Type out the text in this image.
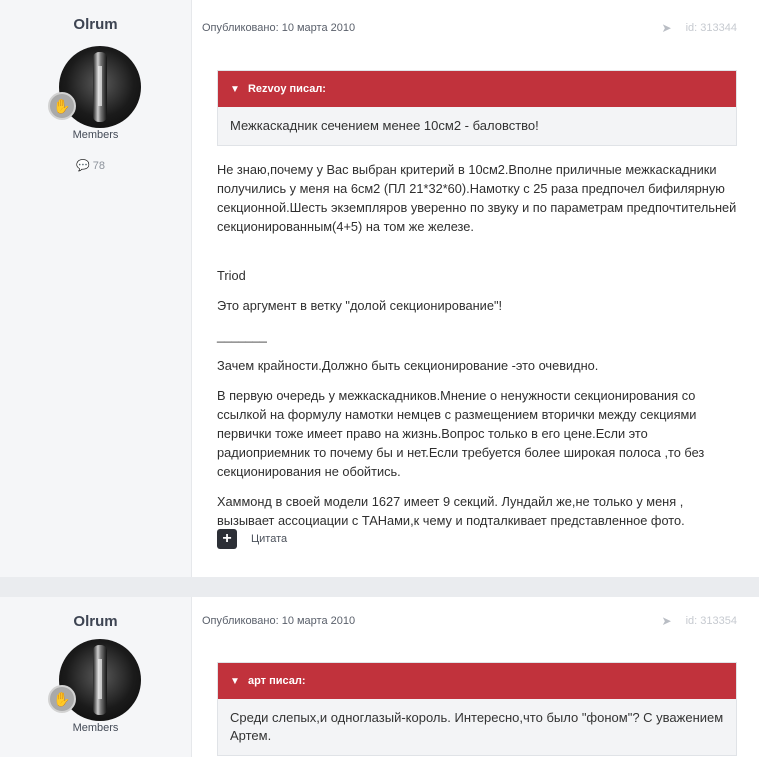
Olrum
✋
Members
💬 78
Опубликовано: 10 марта 2010	➤ id: 313344
▼ Rezvoy писал:
Межкаскадник сечением менее 10см2 - баловство!

Не знаю,почему у Вас выбран критерий в 10см2.Вполне приличные межкаскадники получились у меня на 6см2 (ПЛ 21*32*60).Намотку с 25 раза предпочел бифилярную секционной.Шесть экземпляров уверенно по звуку и по параметрам предпочтительней секционированным(4+5) на том же железе.

Triod

Это аргумент в ветку "долой секционирование"!

_______

Зачем крайности.Должно быть секционирование -это очевидно.

В первую очередь у межкаскадников.Мнение о ненужности секционирования со ссылкой на формулу намотки немцев с размещением вторички между секциями первички тоже имеет право на жизнь.Вопрос только в его цене.Если это радиоприемник то почему бы и нет.Если требуется более широкая полоса ,то без секционирования не обойтись.

Хаммонд в своей модели 1627 имеет 9 секций. Лундайл же,не только у меня , вызывает ассоциации с ТАНами,к чему и подталкивает представленное фото.

+	Цитата
Olrum
✋
Members
Опубликовано: 10 марта 2010	➤ id: 313354
▼ арт писал:
Среди слепых,и одноглазый-король. Интересно,что было "фоном"? С уважением Артем.
